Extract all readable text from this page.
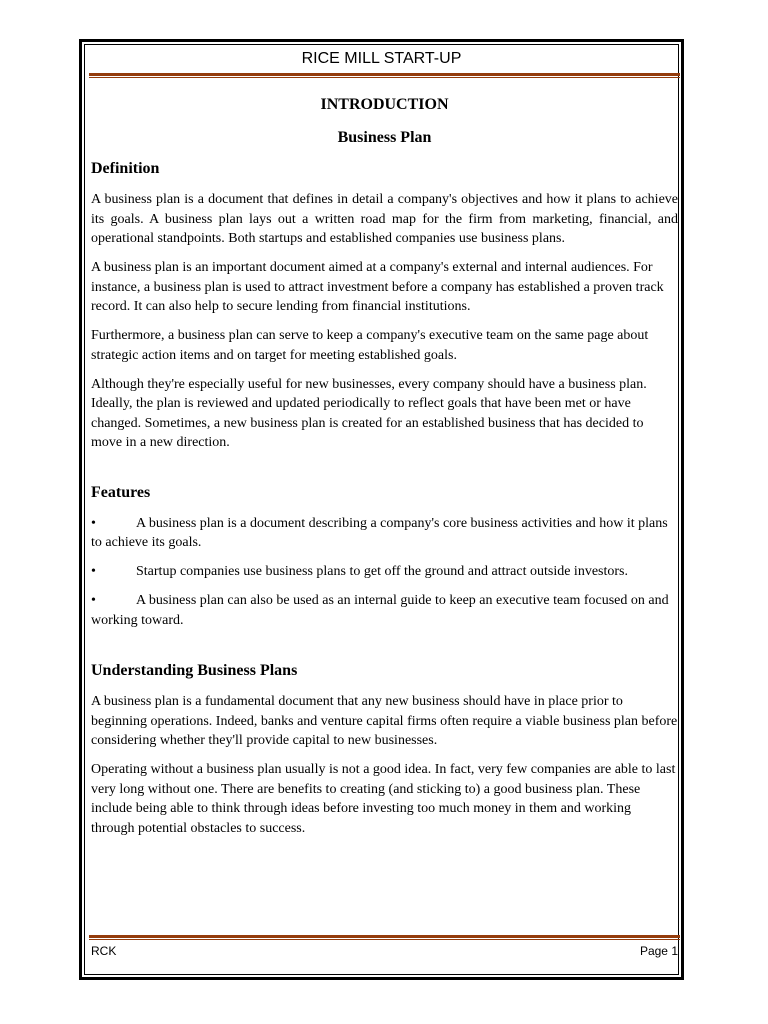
RICE MILL START-UP
INTRODUCTION
Business Plan
Definition

A business plan is a document that defines in detail a company's objectives and how it plans to achieve its goals. A business plan lays out a written road map for the firm from marketing, financial, and operational standpoints. Both startups and established companies use business plans.

A business plan is an important document aimed at a company's external and internal audiences. For instance, a business plan is used to attract investment before a company has established a proven track record. It can also help to secure lending from financial institutions.

Furthermore, a business plan can serve to keep a company's executive team on the same page about strategic action items and on target for meeting established goals.

Although they're especially useful for new businesses, every company should have a business plan. Ideally, the plan is reviewed and updated periodically to reflect goals that have been met or have changed. Sometimes, a new business plan is created for an established business that has decided to move in a new direction.

Features
•	A business plan is a document describing a company's core business activities and how it plans to achieve its goals.
•	Startup companies use business plans to get off the ground and attract outside investors.
•	A business plan can also be used as an internal guide to keep an executive team focused on and working toward.
Understanding Business Plans

A business plan is a fundamental document that any new business should have in place prior to beginning operations. Indeed, banks and venture capital firms often require a viable business plan before considering whether they'll provide capital to new businesses.

Operating without a business plan usually is not a good idea. In fact, very few companies are able to last very long without one. There are benefits to creating (and sticking to) a good business plan. These include being able to think through ideas before investing too much money in them and working through potential obstacles to success.

RCK	Page 1
